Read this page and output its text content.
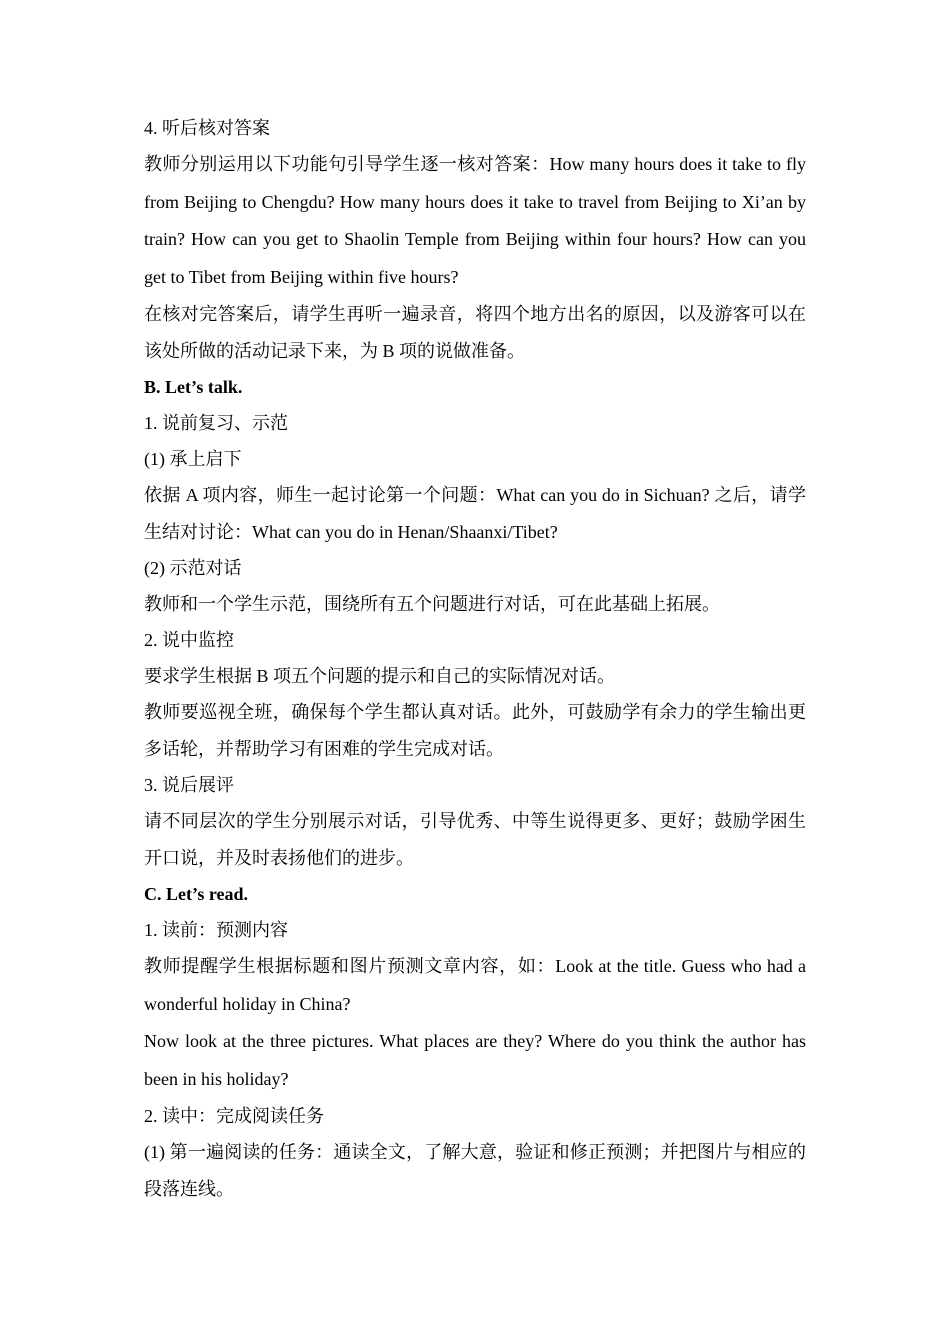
4. 听后核对答案

教师分别运用以下功能句引导学生逐一核对答案：How many hours does it take to fly from Beijing to Chengdu? How many hours does it take to travel from Beijing to Xi’an by train? How can you get to Shaolin Temple from Beijing within four hours? How can you get to Tibet from Beijing within five hours?

在核对完答案后，请学生再听一遍录音，将四个地方出名的原因，以及游客可以在该处所做的活动记录下来，为 B 项的说做准备。

B. Let’s talk.

1. 说前复习、示范

(1) 承上启下

依据 A 项内容，师生一起讨论第一个问题：What can you do in Sichuan? 之后，请学生结对讨论：What can you do in Henan/Shaanxi/Tibet?

(2) 示范对话

教师和一个学生示范，围绕所有五个问题进行对话，可在此基础上拓展。

2. 说中监控

要求学生根据 B 项五个问题的提示和自己的实际情况对话。

教师要巡视全班，确保每个学生都认真对话。此外，可鼓励学有余力的学生输出更多话轮，并帮助学习有困难的学生完成对话。

3. 说后展评

请不同层次的学生分别展示对话，引导优秀、中等生说得更多、更好；鼓励学困生开口说，并及时表扬他们的进步。

C. Let’s read.

1. 读前：预测内容

教师提醒学生根据标题和图片预测文章内容，如：Look at the title. Guess who had a wonderful holiday in China?

Now look at the three pictures. What places are they? Where do you think the author has been in his holiday?

2. 读中：完成阅读任务

(1) 第一遍阅读的任务：通读全文，了解大意，验证和修正预测；并把图片与相应的段落连线。
